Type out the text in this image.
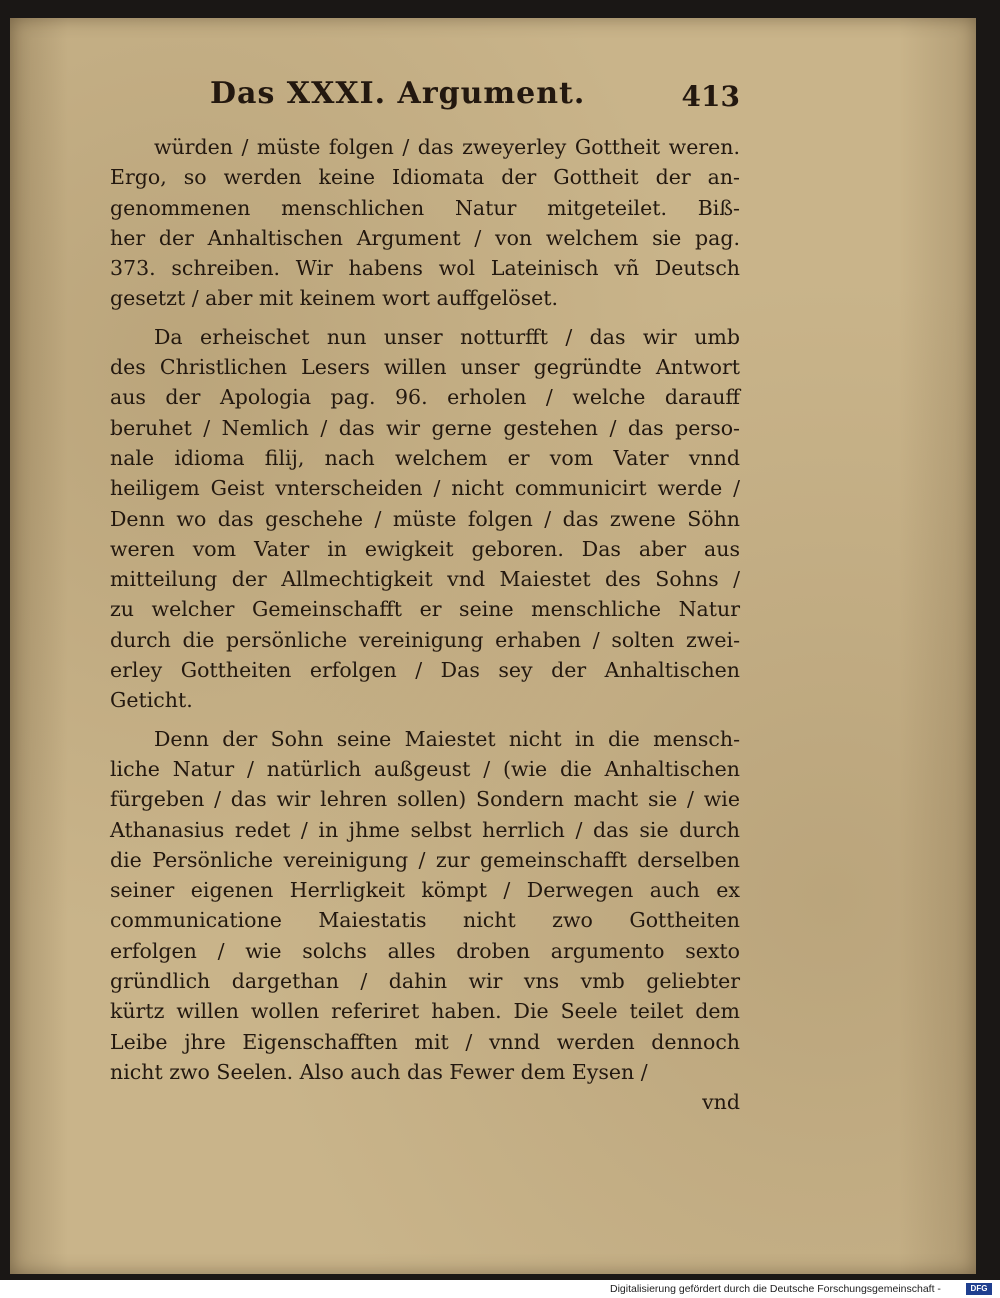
Das XXXI. Argument.	413
würden / müste folgen / das zweyerley Gottheit weren.
Ergo, so werden keine Idiomata der Gottheit der an-
genommenen menschlichen Natur mitgeteilet. Biß-
her der Anhaltischen Argument / von welchem sie pag.
373. schreiben. Wir habens wol Lateinisch vñ Deutsch
gesetzt / aber mit keinem wort auffgelöset.
Da erheischet nun unser notturfft / das wir umb
des Christlichen Lesers willen unser gegründte Antwort
aus der Apologia pag. 96. erholen / welche darauff
beruhet / Nemlich / das wir gerne gestehen / das perso-
nale idioma filij, nach welchem er vom Vater vnnd
heiligem Geist vnterscheiden / nicht communicirt werde /
Denn wo das geschehe / müste folgen / das zwene Söhn
weren vom Vater in ewigkeit geboren. Das aber aus
mitteilung der Allmechtigkeit vnd Maiestet des Sohns /
zu welcher Gemeinschafft er seine menschliche Natur
durch die persönliche vereinigung erhaben / solten zwei-
erley Gottheiten erfolgen / Das sey der Anhaltischen
Geticht.
Denn der Sohn seine Maiestet nicht in die mensch-
liche Natur / natürlich außgeust / (wie die Anhaltischen
fürgeben / das wir lehren sollen) Sondern macht sie / wie
Athanasius redet / in jhme selbst herrlich / das sie durch
die Persönliche vereinigung / zur gemeinschafft derselben
seiner eigenen Herrligkeit kömpt / Derwegen auch ex
communicatione Maiestatis nicht zwo Gottheiten
erfolgen / wie solchs alles droben argumento sexto
gründlich dargethan / dahin wir vns vmb geliebter
kürtz willen wollen referiret haben. Die Seele teilet dem
Leibe jhre Eigenschafften mit / vnnd werden dennoch
nicht zwo Seelen. Also auch das Fewer dem Eysen /
vnd
Digitalisierung gefördert durch die Deutsche Forschungsgemeinschaft -	DFG
